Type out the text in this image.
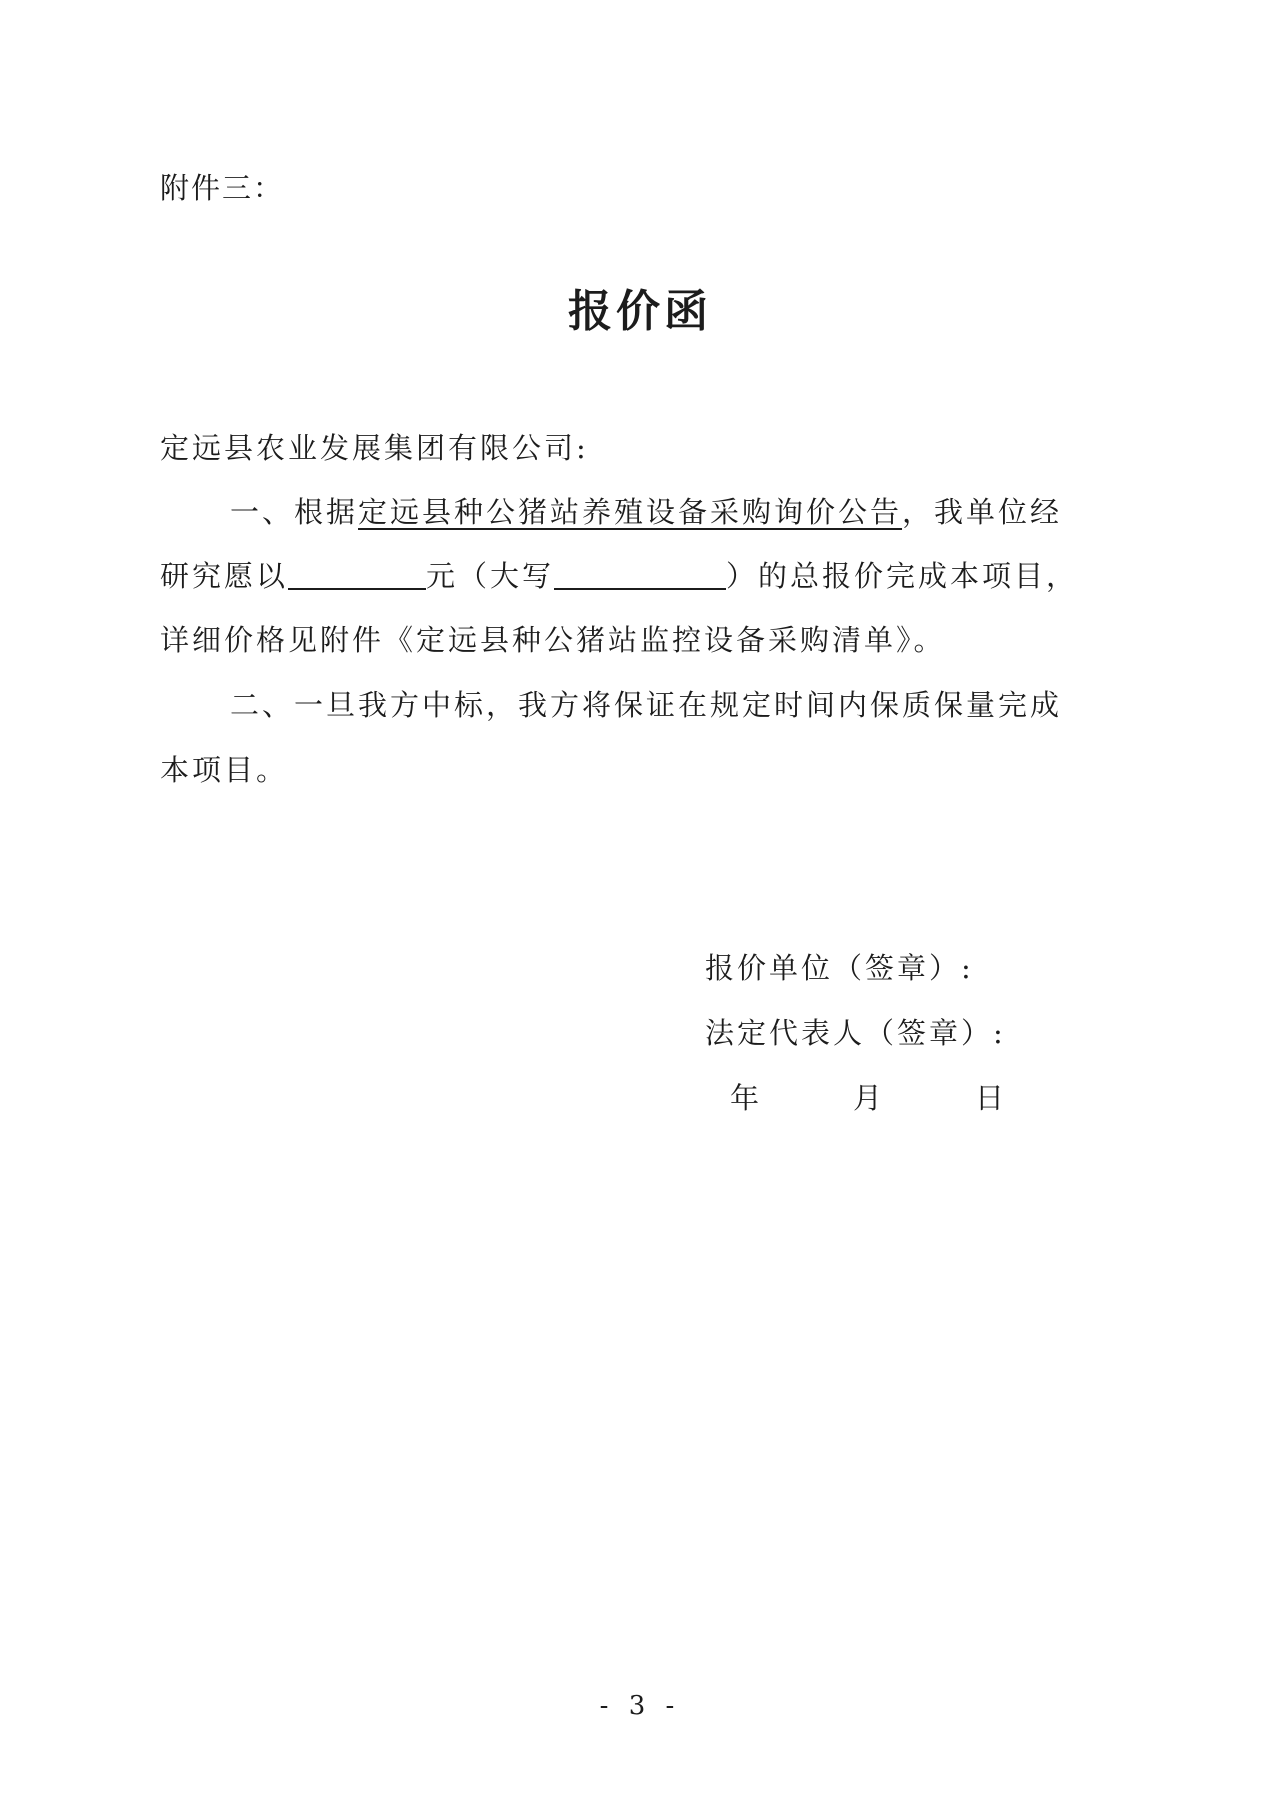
附件三：
报价函
定远县农业发展集团有限公司:
一、根据定远县种公猪站养殖设备采购询价公告，我单位经
研究愿以	元（大写	）的总报价完成本项目，
详细价格见附件《定远县种公猪站监控设备采购清单》。
二、一旦我方中标，我方将保证在规定时间内保质保量完成
本项目。
报价单位（签章）:
法定代表人（签章）:
年	月	日
- 3 -
